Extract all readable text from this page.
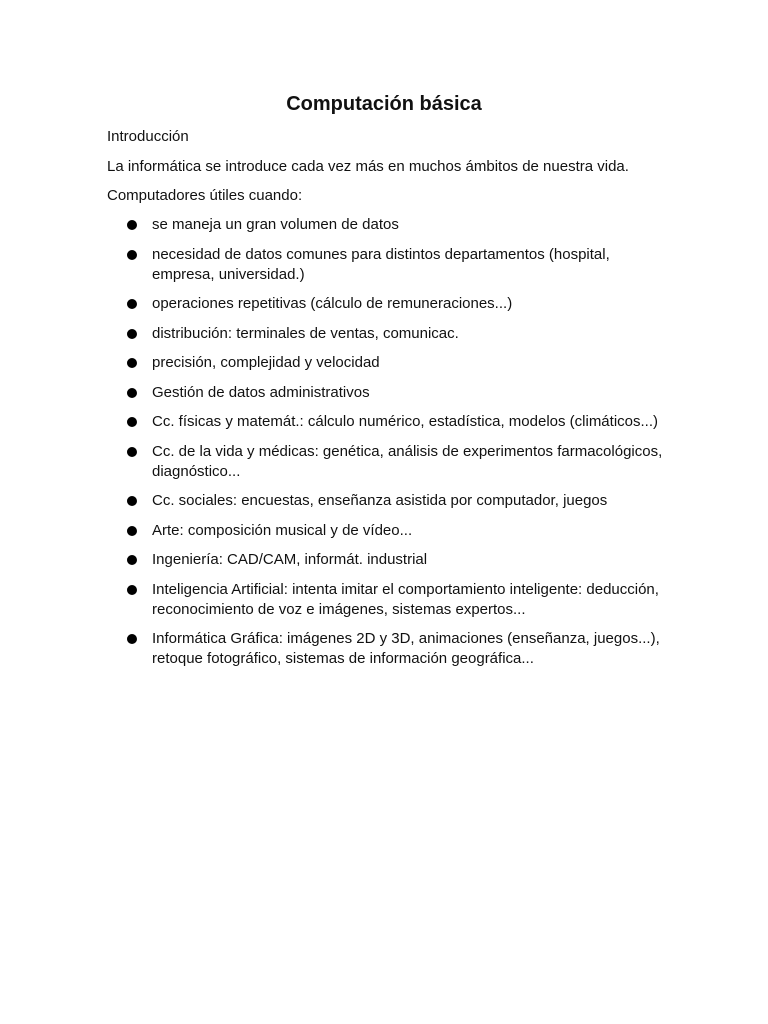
Computación básica
Introducción
La informática se introduce cada vez más en muchos ámbitos de nuestra vida.
Computadores útiles cuando:
se maneja un gran volumen de datos
necesidad de datos comunes para distintos departamentos (hospital, empresa, universidad.)
operaciones repetitivas (cálculo de remuneraciones...)
distribución: terminales de ventas, comunicac.
precisión, complejidad y velocidad
Gestión de datos administrativos
Cc. físicas y matemát.: cálculo numérico, estadística, modelos (climáticos...)
Cc. de la vida y médicas: genética, análisis de experimentos farmacológicos, diagnóstico...
Cc. sociales: encuestas, enseñanza asistida por computador, juegos
Arte: composición musical y de vídeo...
Ingeniería: CAD/CAM, informát. industrial
Inteligencia Artificial: intenta imitar el comportamiento inteligente: deducción, reconocimiento de voz e imágenes, sistemas expertos...
Informática Gráfica: imágenes 2D y 3D, animaciones (enseñanza, juegos...), retoque fotográfico, sistemas de información geográfica...
